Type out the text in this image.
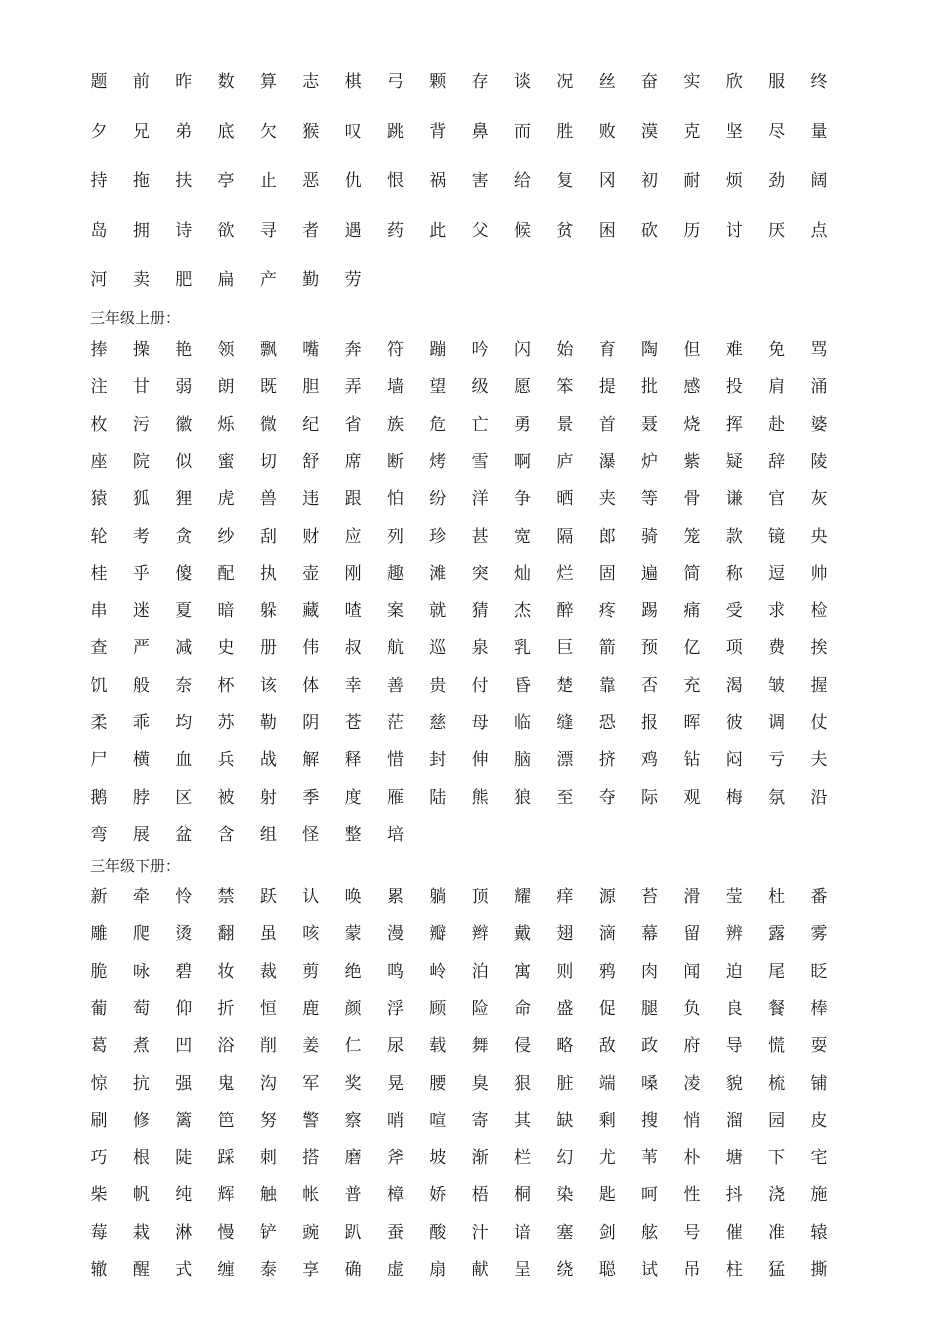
三年级上册：
三年级下册：
题	前	昨	数	算	志	棋	弓	颗	存	谈	况	丝	奋	实	欣	服	终
夕	兄	弟	底	欠	猴	叹	跳	背	鼻	而	胜	败	漠	克	坚	尽	量
持	拖	扶	亭	止	恶	仇	恨	祸	害	给	复	冈	初	耐	烦	劲	阔
岛	拥	诗	欲	寻	者	遇	药	此	父	候	贫	困	砍	历	讨	厌	点
河	卖	肥	扁	产	勤	劳
捧	操	艳	领	飘	嘴	奔	符	蹦	吟	闪	始	育	陶	但	难	免	骂
注	甘	弱	朗	既	胆	弄	墙	望	级	愿	笨	提	批	感	投	肩	涌
枚	污	徽	烁	微	纪	省	族	危	亡	勇	景	首	聂	烧	挥	赴	婆
座	院	似	蜜	切	舒	席	断	烤	雪	啊	庐	瀑	炉	紫	疑	辞	陵
猿	狐	狸	虎	兽	违	跟	怕	纷	洋	争	晒	夹	等	骨	谦	官	灰
轮	考	贪	纱	刮	财	应	列	珍	甚	宽	隔	郎	骑	笼	款	镜	央
桂	乎	傻	配	执	壶	刚	趣	滩	突	灿	烂	固	遍	简	称	逗	帅
串	迷	夏	暗	躲	藏	喳	案	就	猜	杰	醉	疼	踢	痛	受	求	检
查	严	减	史	册	伟	叔	航	巡	泉	乳	巨	箭	预	亿	项	费	挨
饥	般	奈	杯	该	体	幸	善	贵	付	昏	楚	靠	否	充	渴	皱	握
柔	乖	均	苏	勒	阴	苍	茫	慈	母	临	缝	恐	报	晖	彼	调	仗
尸	横	血	兵	战	解	释	惜	封	伸	脑	漂	挤	鸡	钻	闷	亏	夫
鹅	脖	区	被	射	季	度	雁	陆	熊	狼	至	夺	际	观	梅	氛	沿
弯	展	盆	含	组	怪	整	培
新	牵	怜	禁	跃	认	唤	累	躺	顶	耀	痒	源	苔	滑	莹	杜	番
雕	爬	烫	翻	虽	咳	蒙	漫	瓣	辫	戴	翅	滴	幕	留	辨	露	雾
脆	咏	碧	妆	裁	剪	绝	鸣	岭	泊	寓	则	鸦	肉	闻	迫	尾	眨
葡	萄	仰	折	恒	鹿	颜	浮	顾	险	命	盛	促	腿	负	良	餐	棒
葛	煮	凹	浴	削	姜	仁	尿	载	舞	侵	略	敌	政	府	导	慌	耍
惊	抗	强	鬼	沟	军	奖	晃	腰	臭	狠	脏	端	嗓	凌	貌	梳	铺
刷	修	篱	笆	努	警	察	哨	喧	寄	其	缺	剩	搜	悄	溜	园	皮
巧	根	陡	踩	刺	搭	磨	斧	坡	渐	栏	幻	尤	苇	朴	塘	下	宅
柴	帆	纯	辉	触	帐	普	樟	娇	梧	桐	染	匙	呵	性	抖	浇	施
莓	栽	淋	慢	铲	豌	趴	蚕	酸	汁	谙	塞	剑	舷	号	催	准	辕
辙	醒	式	缠	泰	享	确	虚	扇	献	呈	绕	聪	试	吊	柱	猛	撕
